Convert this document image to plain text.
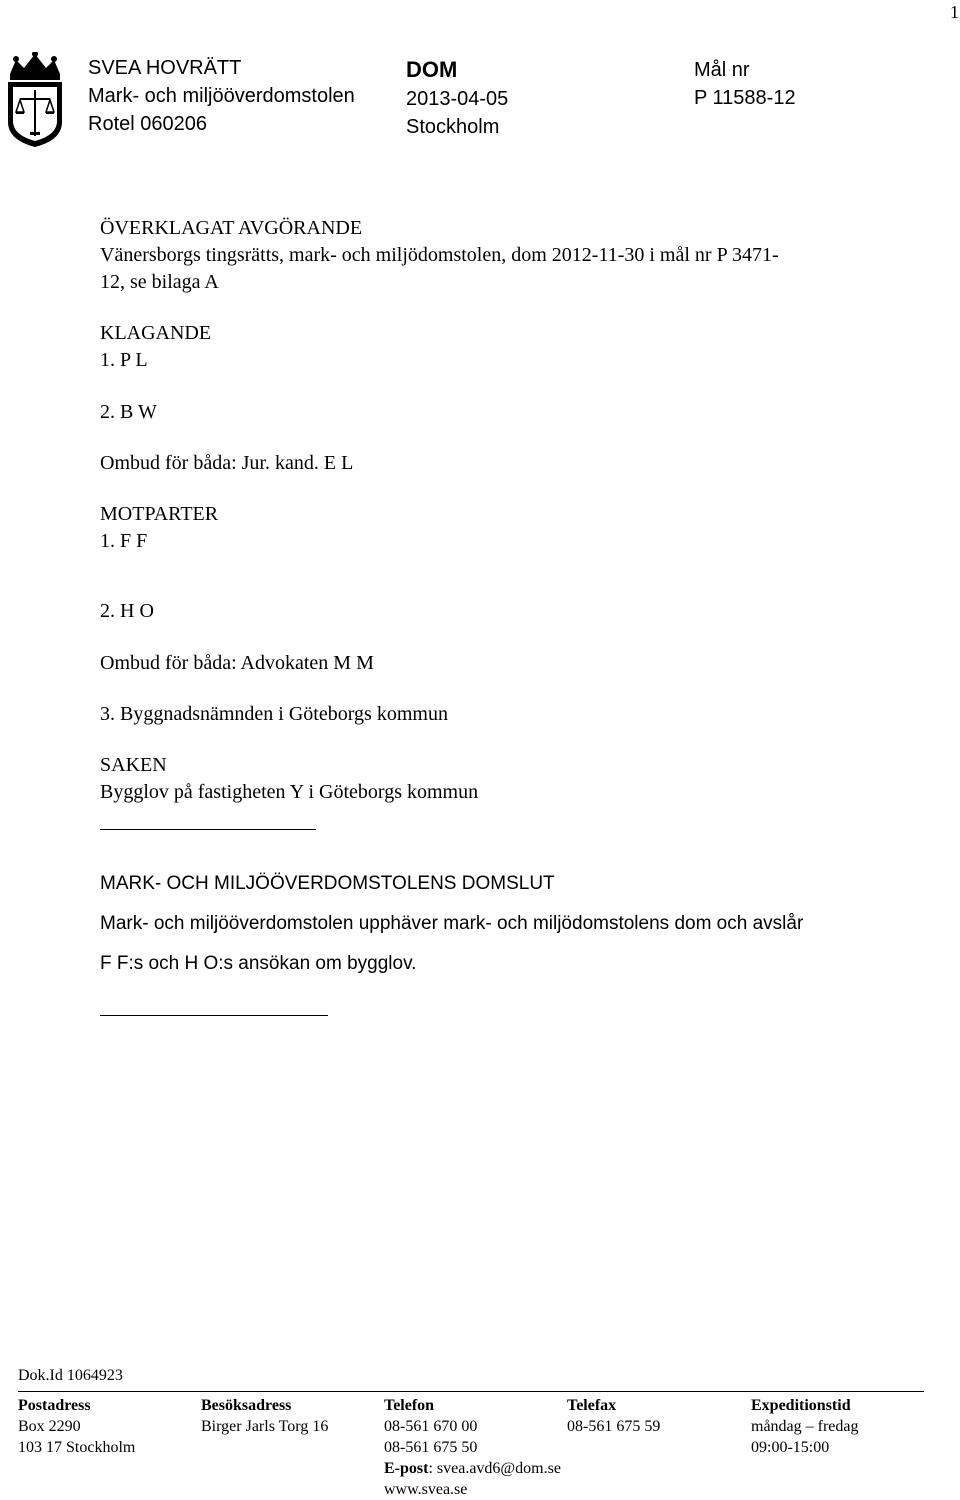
1
SVEA HOVRÄTT
Mark- och miljööverdomstolen
Rotel 060206
DOM
2013-04-05
Stockholm
Mål nr
P 11588-12
ÖVERKLAGAT AVGÖRANDE
Vänersborgs tingsrätts, mark- och miljödomstolen, dom 2012-11-30 i mål nr P 3471-
12, se bilaga A
KLAGANDE
1. P L
2. B W
Ombud för båda: Jur. kand. E L
MOTPARTER
1. F F
2. H O
Ombud för båda: Advokaten M M
3. Byggnadsnämnden i Göteborgs kommun
SAKEN
Bygglov på fastigheten Y i Göteborgs kommun
MARK- OCH MILJÖÖVERDOMSTOLENS DOMSLUT
Mark- och miljööverdomstolen upphäver mark- och miljödomstolens dom och avslår
F F:s och H O:s ansökan om bygglov.
Dok.Id 1064923
Postadress
Box 2290
103 17 Stockholm
Besöksadress
Birger Jarls Torg 16
Telefon
08-561 670 00
08-561 675 50
E-post: svea.avd6@dom.se
www.svea.se
Telefax
08-561 675 59
Expeditionstid
måndag – fredag
09:00-15:00
